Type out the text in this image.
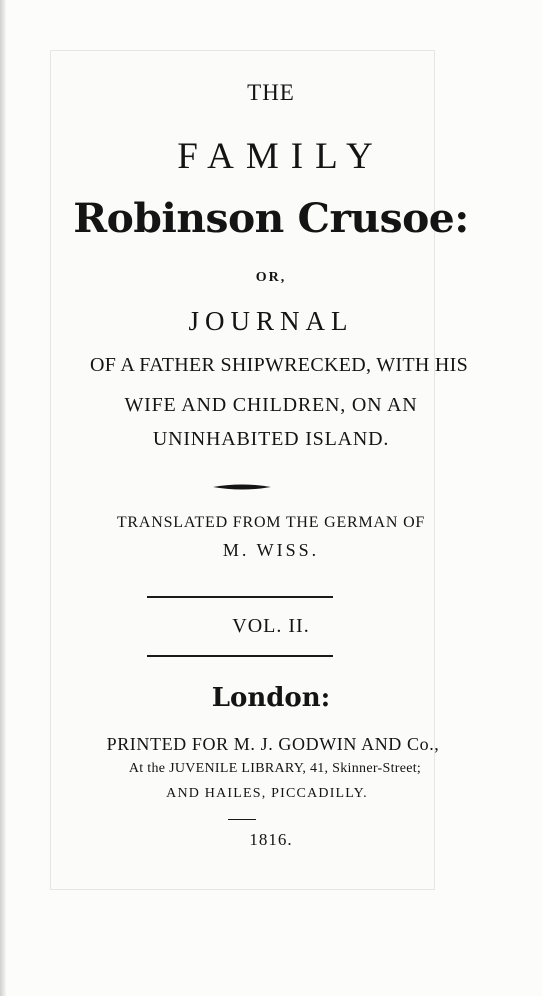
THE
FAMILY
Robinson Crusoe:
OR,
JOURNAL
OF A FATHER SHIPWRECKED, WITH HIS
WIFE AND CHILDREN, ON AN
UNINHABITED ISLAND.
TRANSLATED FROM THE GERMAN OF
M. WISS.
VOL. II.
London:
PRINTED FOR M. J. GODWIN AND Co.,
At the JUVENILE LIBRARY, 41, Skinner-Street;
AND HAILES, PICCADILLY.
1816.
